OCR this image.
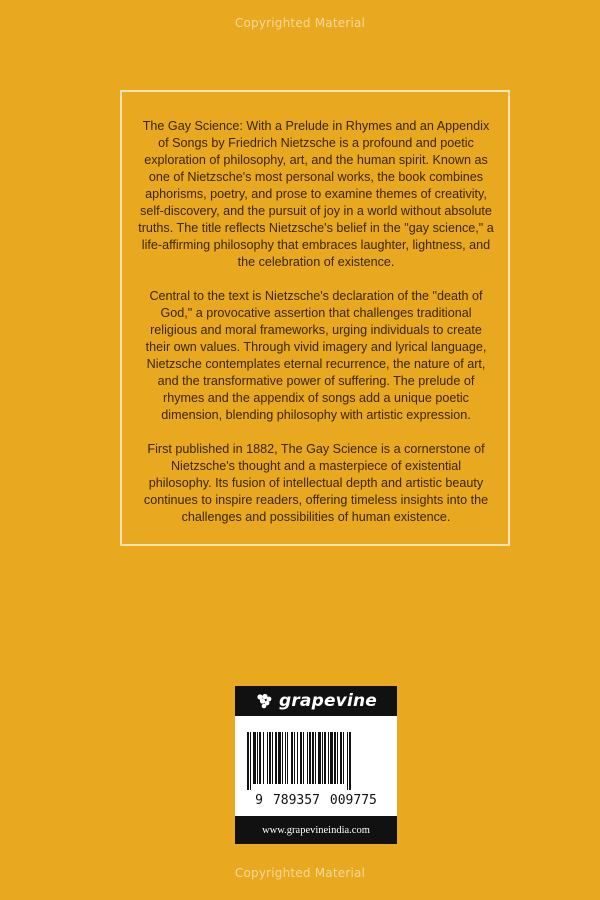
Copyrighted Material

The Gay Science: With a Prelude in Rhymes and an Appendix of Songs by Friedrich Nietzsche is a profound and poetic exploration of philosophy, art, and the human spirit. Known as one of Nietzsche's most personal works, the book combines aphorisms, poetry, and prose to examine themes of creativity, self-discovery, and the pursuit of joy in a world without absolute truths. The title reflects Nietzsche's belief in the "gay science," a life-affirming philosophy that embraces laughter, lightness, and the celebration of existence.

Central to the text is Nietzsche's declaration of the "death of God," a provocative assertion that challenges traditional religious and moral frameworks, urging individuals to create their own values. Through vivid imagery and lyrical language, Nietzsche contemplates eternal recurrence, the nature of art, and the transformative power of suffering. The prelude of rhymes and the appendix of songs add a unique poetic dimension, blending philosophy with artistic expression.

First published in 1882, The Gay Science is a cornerstone of Nietzsche's thought and a masterpiece of existential philosophy. Its fusion of intellectual depth and artistic beauty continues to inspire readers, offering timeless insights into the challenges and possibilities of human existence.

grapevine
9 789357 009775
www.grapevineindia.com
Copyrighted Material
